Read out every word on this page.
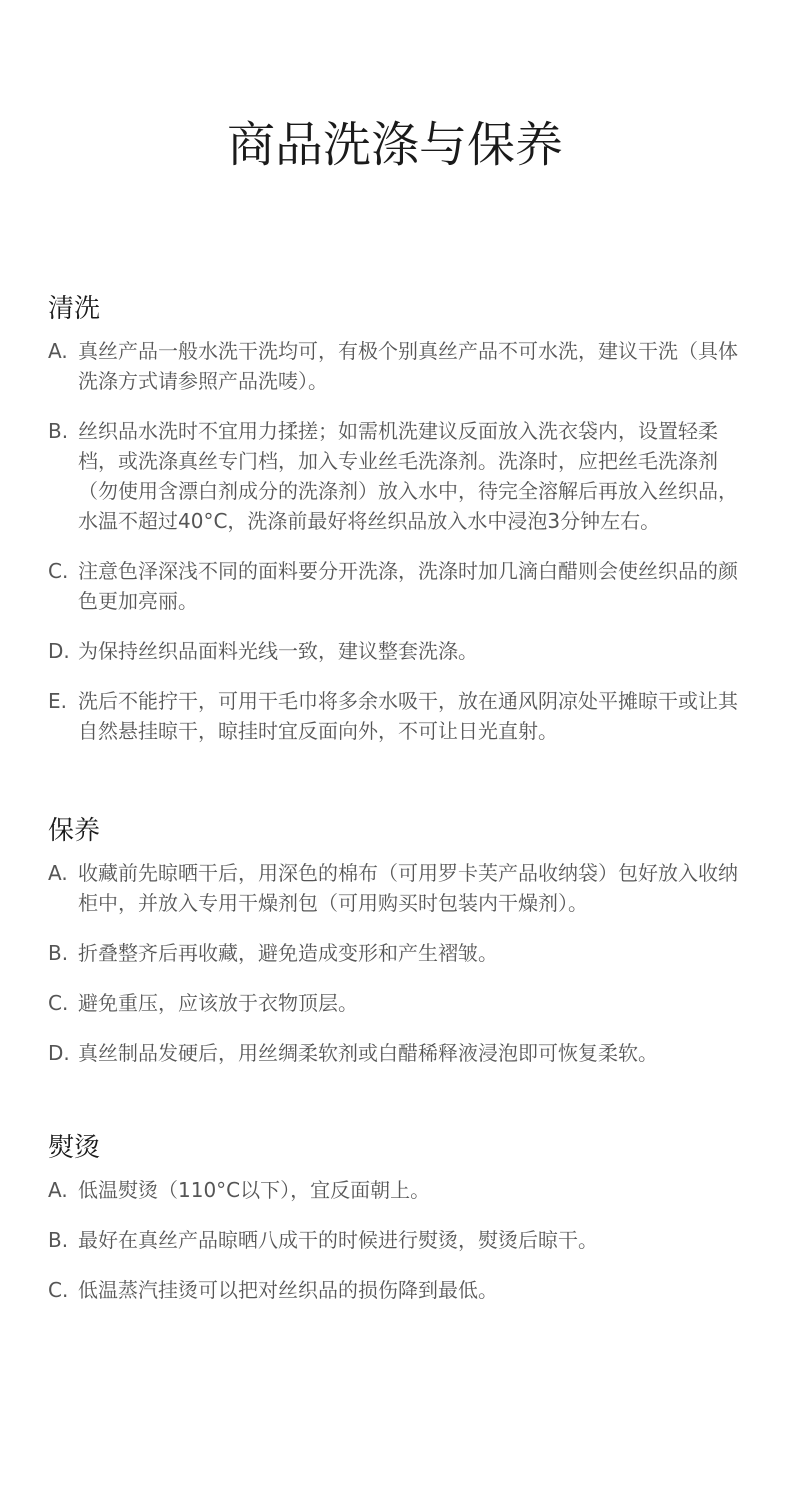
商品洗涤与保养
清洗
A. 真丝产品一般水洗干洗均可，有极个别真丝产品不可水洗，建议干洗（具体洗涤方式请参照产品洗唛）。
B. 丝织品水洗时不宜用力揉搓；如需机洗建议反面放入洗衣袋内，设置轻柔档，或洗涤真丝专门档，加入专业丝毛洗涤剂。洗涤时，应把丝毛洗涤剂（勿使用含漂白剂成分的洗涤剂）放入水中，待完全溶解后再放入丝织品，水温不超过40°C，洗涤前最好将丝织品放入水中浸泡3分钟左右。
C. 注意色泽深浅不同的面料要分开洗涤，洗涤时加几滴白醋则会使丝织品的颜色更加亮丽。
D. 为保持丝织品面料光线一致，建议整套洗涤。
E. 洗后不能拧干，可用干毛巾将多余水吸干，放在通风阴凉处平摊晾干或让其自然悬挂晾干，晾挂时宜反面向外，不可让日光直射。
保养
A. 收藏前先晾晒干后，用深色的棉布（可用罗卡芙产品收纳袋）包好放入收纳柜中，并放入专用干燥剂包（可用购买时包装内干燥剂）。
B. 折叠整齐后再收藏，避免造成变形和产生褶皱。
C. 避免重压，应该放于衣物顶层。
D. 真丝制品发硬后，用丝绸柔软剂或白醋稀释液浸泡即可恢复柔软。
熨烫
A. 低温熨烫（110°C以下），宜反面朝上。
B. 最好在真丝产品晾晒八成干的时候进行熨烫，熨烫后晾干。
C. 低温蒸汽挂烫可以把对丝织品的损伤降到最低。
